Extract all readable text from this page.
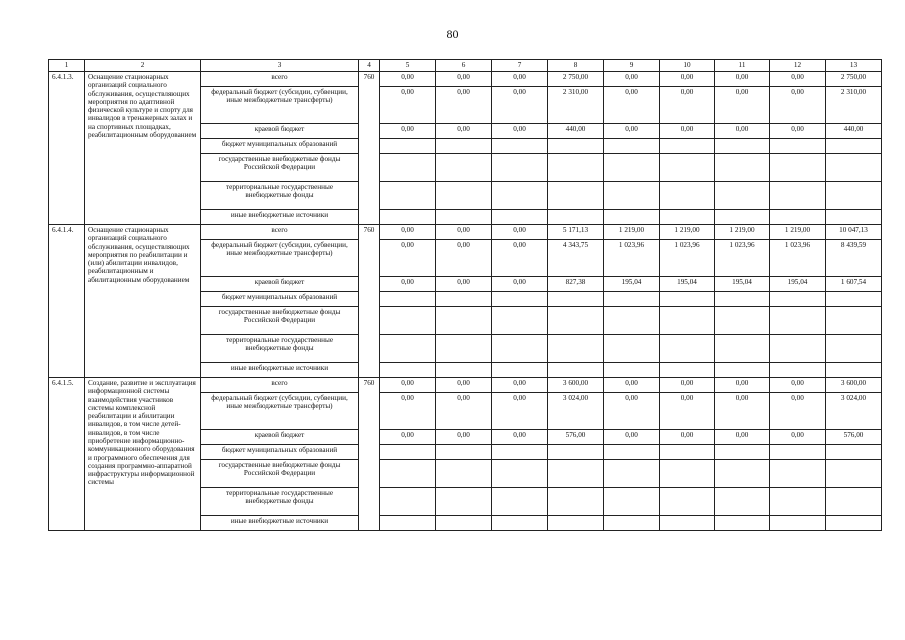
80
1	2	3	4	5	6	7	8	9	10	11	12	13
6.4.1.3.	Оснащение стационарных организаций социального обслуживания, осуществляющих мероприятия по адаптивной физической культуре и спорту для инвалидов в тренажерных залах и на спортивных площадках, реабилитационным оборудованием	всего	760	0,00	0,00	0,00	2 750,00	0,00	0,00	0,00	0,00	2 750,00
		федеральный бюджет (субсидии, субвенции, иные межбюджетные трансферты)		0,00	0,00	0,00	2 310,00	0,00	0,00	0,00	0,00	2 310,00
		краевой бюджет		0,00	0,00	0,00	440,00	0,00	0,00	0,00	0,00	440,00
		бюджет муниципальных образований										
		государственные внебюджетные фонды Российской Федерации										
		территориальные государственные внебюджетные фонды										
		иные внебюджетные источники										
6.4.1.4.	Оснащение стационарных организаций социального обслуживания, осуществляющих мероприятия по реабилитации и (или) абилитации инвалидов, реабилитационным и абилитационным оборудованием	всего	760	0,00	0,00	0,00	5 171,13	1 219,00	1 219,00	1 219,00	1 219,00	10 047,13
		федеральный бюджет (субсидии, субвенции, иные межбюджетные трансферты)		0,00	0,00	0,00	4 343,75	1 023,96	1 023,96	1 023,96	1 023,96	8 439,59
		краевой бюджет		0,00	0,00	0,00	827,38	195,04	195,04	195,04	195,04	1 607,54
		бюджет муниципальных образований										
		государственные внебюджетные фонды Российской Федерации										
		территориальные государственные внебюджетные фонды										
		иные внебюджетные источники										
6.4.1.5.	Создание, развитие и эксплуатация информационной системы взаимодействия участников системы комплексной реабилитации и абилитации инвалидов, в том числе детей-инвалидов, в том числе приобретение информационно-коммуникационного оборудования и программного обеспечения для создания программно-аппаратной инфраструктуры информационной системы	всего	760	0,00	0,00	0,00	3 600,00	0,00	0,00	0,00	0,00	3 600,00
		федеральный бюджет (субсидии, субвенции, иные межбюджетные трансферты)		0,00	0,00	0,00	3 024,00	0,00	0,00	0,00	0,00	3 024,00
		краевой бюджет		0,00	0,00	0,00	576,00	0,00	0,00	0,00	0,00	576,00
		бюджет муниципальных образований										
		государственные внебюджетные фонды Российской Федерации										
		территориальные государственные внебюджетные фонды										
		иные внебюджетные источники										
